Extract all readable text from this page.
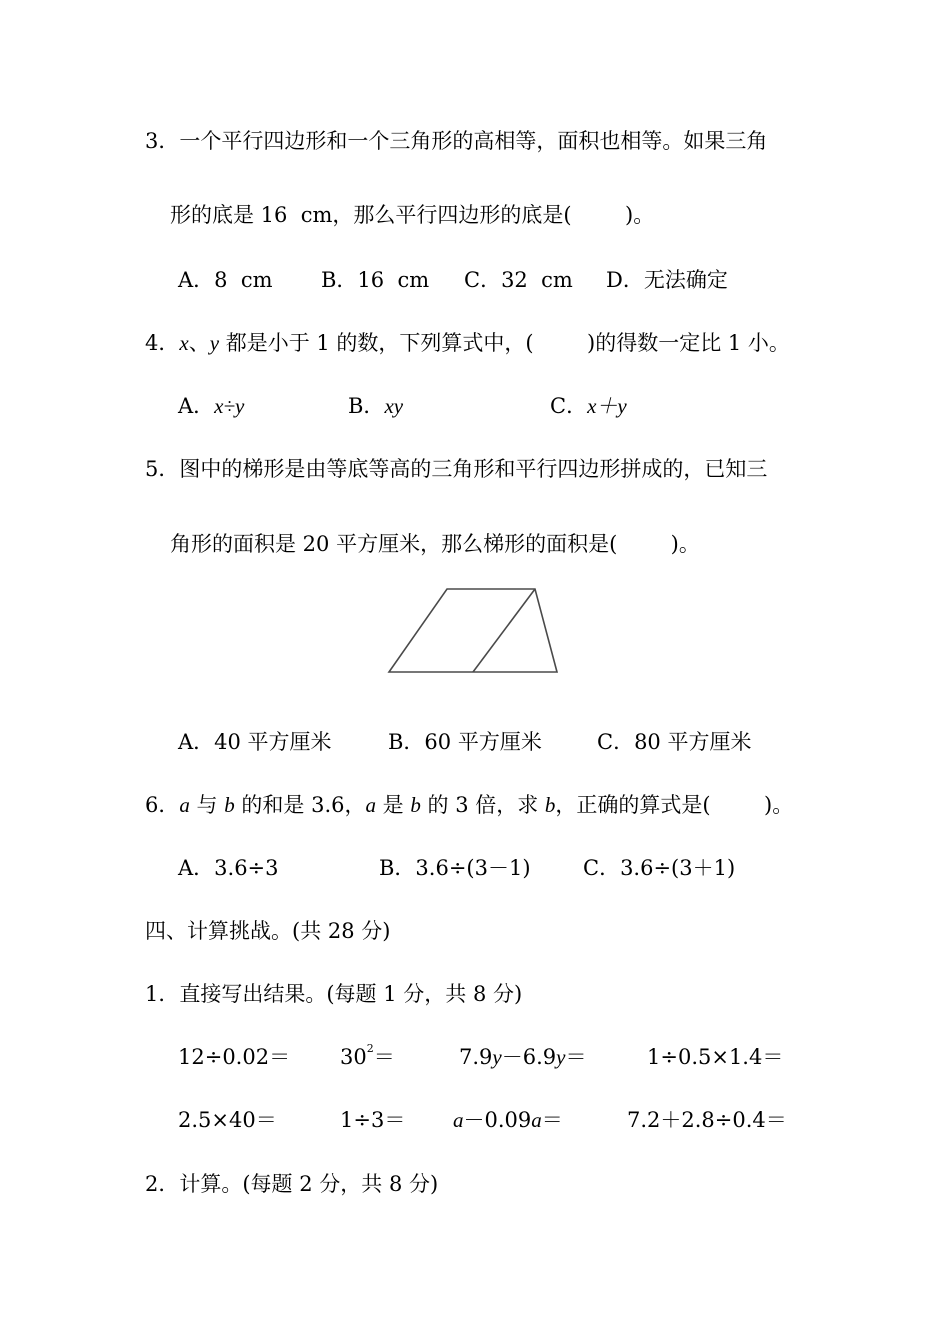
3．一个平行四边形和一个三角形的高相等，面积也相等。如果三角
形的底是 16  cm，那么平行四边形的底是(        )。
A．8  cm B．16  cm C．32  cm D．无法确定
4．x、y 都是小于 1 的数，下列算式中，(        )的得数一定比 1 小。
A．x÷y	B．xy	C．x＋y
5．图中的梯形是由等底等高的三角形和平行四边形拼成的，已知三
角形的面积是 20 平方厘米，那么梯形的面积是(        )。
A．40 平方厘米	B．60 平方厘米	C．80 平方厘米
6．a 与 b 的和是 3.6，a 是 b 的 3 倍，求 b，正确的算式是(        )。
A．3.6÷3	B．3.6÷(3－1) C．3.6÷(3＋1)
四、计算挑战。(共 28 分)
1．直接写出结果。(每题 1 分，共 8 分)
$12\div 0.02= 30^2=$	7.9y－6.9y＝	1÷0.5×1.4＝
2.5×40＝	1÷3＝ a－0.09a＝	7.2＋2.8÷0.4＝
2．计算。(每题 2 分，共 8 分)
